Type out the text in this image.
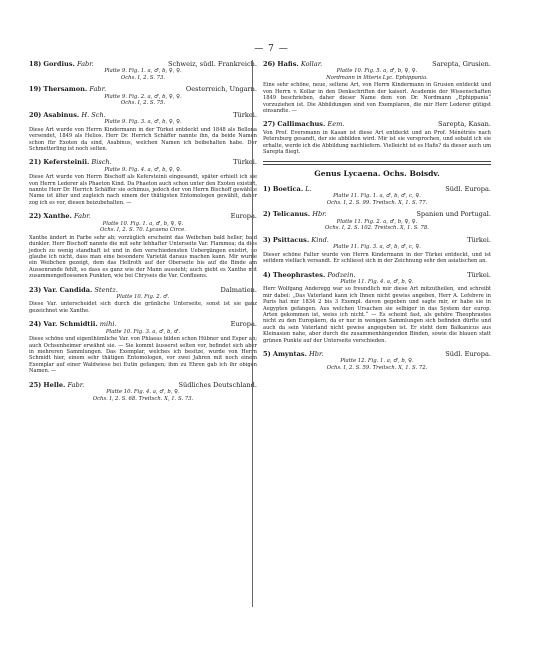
— 7 —
18) Gordius. Fabr.	Schweiz, südl. Frankreich.
Platte 9. Fig. 1. a, ♂, b, ♀, ♀.
Ochs. I, 2. S. 73.
19) Thersamon. Fabr.	Oesterreich, Ungarn.
Platte 9. Fig. 2. a, ♂, b, ♀, ♀.
Ochs. I, 2. S. 75.
20) Asabinus. H. Sch.	Türkei.
Platte 9. Fig. 3. a, ♂, b, ♀, ♀.
Diese Art wurde von Herrn Kindermann in der Türkei entdeckt und 1848 als Bellona versendet, 1849 als Helios. Herr Dr. Herrich Schäffer nannte ihn, da beide Namen schon für Exoten da sind, Asabinus, welchen Namen ich beibehalten habe. Der Schmetterling ist noch selten.
21) Kefersteinii. Bisch.	Türkei.
Platte 9. Fig. 4. a, ♂, b, ♀, ♀.
Diese Art wurde von Herrn Bischoff als Kefersteinii eingesandt, später erhielt ich sie von Herrn Lederer als Phaeton Kind. Da Phaeton auch schon unter den Exoten existirt, nannte Herr Dr. Herrich Schäffer sie ochimus, jedoch der von Herrn Bischoff gewählte Name ist älter und zugleich nach einem der thätigsten Entomologen gewählt, daher zog ich es vor, diesen beizubehalten. —
22) Xanthe. Fabr.	Europa.
Platte 10. Fig. 1. a, ♂, b, ♀, ♀.
Ochs. I, 2. S. 70. Lycaena Circe.
Xanthe ändert in Farbe sehr ab; vorzüglich erscheint das Weibchen bald heller, bald dunkler. Herr Bischoff nannte die mit sehr lebhafter Unterseite Var. Flammea; da dies jedoch zu wenig standhaft ist und in den verschiedensten Uebergängen existirt, so glaube ich nicht, dass man eine besondere Varietät daraus machen kann. Mir wurde ein Weibchen gezeigt, dem das Hellroth auf der Oberseite bis auf die Binde am Aussenrande fehlt, so dass es ganz wie der Mann aussieht; auch giebt es Xanthe mit zusammengeflossenen Punkten, wie bei Chryseis die Var. Confluens.
23) Var. Candida. Stentz.	Dalmatien.
Platte 10. Fig. 2. ♂.
Diese Var. unterscheidet sich durch die grünliche Unterseite, sonst ist sie ganz gezeichnet wie Xanthe.
24) Var. Schmidtii. mihi.	Europa.
Platte 10. Fig. 3. a, ♂, b, ♂.
Diese schöne und eigenthümliche Var. von Phlaeas bilden schon Hübner und Esper ab; auch Ochsenheimer erwähnt sie. — Sie kommt äusserst selten vor, befindet sich aber in mehreren Sammlungen. Das Exemplar, welches ich besitze, wurde von Herrn Schmidt hier, einem sehr thätigen Entomologen, vor zwei Jahren mit noch einem Exemplar auf einer Waldwiese bei Eutin gefangen; ihm zu Ehren gab ich ihr obigen Namen. —
25) Helle. Fabr.	Südliches Deutschland.
Platte 10. Fig. 4. a, ♂, b, ♀.
Ochs. I, 2. S. 68. Treitsch. X, 1. S. 73.
26) Hafis. Kollar.	Sarepta, Grusien.
Platte 10. Fig. 5. a, ♂, b, ♀, ♀.
Nordmann in litteris Lyc. Ephippania.
Eine sehr schöne, neue, seltene Art, von Herrn Kindermann in Grusien entdeckt und von Herrn v. Kollar in den Denkschriften der kaiserl. Academie der Wissenschaften 1849 beschrieben, daher dieser Name dem von Dr. Nordmann „Ephippania“ vorzuziehen ist. Die Abbildungen sind von Exemplaren, die mir Herr Lederer gütigst einsandte. —
27) Callimachus. Eem.	Sarepta, Kasan.
Von Prof. Eversmann in Kasan ist diese Art entdeckt und an Prof. Ménétriès nach Petersburg gesandt, der sie abbilden wird. Mir ist sie versprochen, und sobald ich sie erhalte, werde ich die Abbildung nachliefern. Vielleicht ist es Hafis? da dieser auch um Sarepta fliegt.
Genus Lycaena. Ochs. Boisdv.
1) Boetica. L.	Südl. Europa.
Platte 11. Fig. 1. a, ♂, b, ♂, c, ♀.
Ochs. I, 2. S. 99. Treitsch. X, 1. S. 77.
2) Telicanus. Hbr.	Spanien und Portugal.
Platte 11. Fig. 2. a, ♂, b, ♀, ♀.
Ochs. I, 2. S. 102. Treitsch. X, 1. S. 78.
3) Psittacus. Kind.	Türkei.
Platte 11. Fig. 3. a, ♂, b, ♂, c, ♀.
Dieser schöne Falter wurde von Herrn Kindermann in der Türkei entdeckt, und ist seitdem vielfach versandt. Er schliesst sich in der Zeichnung sehr den asiatischen an.
4) Theophrastes. Podzein.	Türkei.
Platte 11. Fig. 4. a, ♂, b, ♀.
Herr Wolfgang Anderegg war so freundlich mir diese Art mitzutheilen, und schreibt mir dabei: „Das Vaterland kann ich Ihnen nicht gewiss angeben, Herr A. Lefebvre in Paris hat mir 1834 2 bis 3 Exempl. davon gegeben und sagte mir, er habe sie in Aegypten gefangen. Aus welchen Ursachen sie selbiger in das System der europ. Arten gekommen ist, weiss ich nicht.“ — Es scheint fast, als gehöre Theophrastes nicht zu den Europäern, da er nur in wenigen Sammlungen sich befinden dürfte und auch da sein Vaterland nicht gewiss angegeben ist. Er steht dem Balkanicus aus Kleinasien nahe, aber durch die zusammenhängenden Binden, sowie die blauen statt grünen Punkte auf der Unterseite verschieden.
5) Amyntas. Hbr.	Südl. Europa.
Platte 12. Fig. 1. a, ♂, b, ♀.
Ochs. I, 2. S. 59. Treitsch. X, 1. S. 72.
